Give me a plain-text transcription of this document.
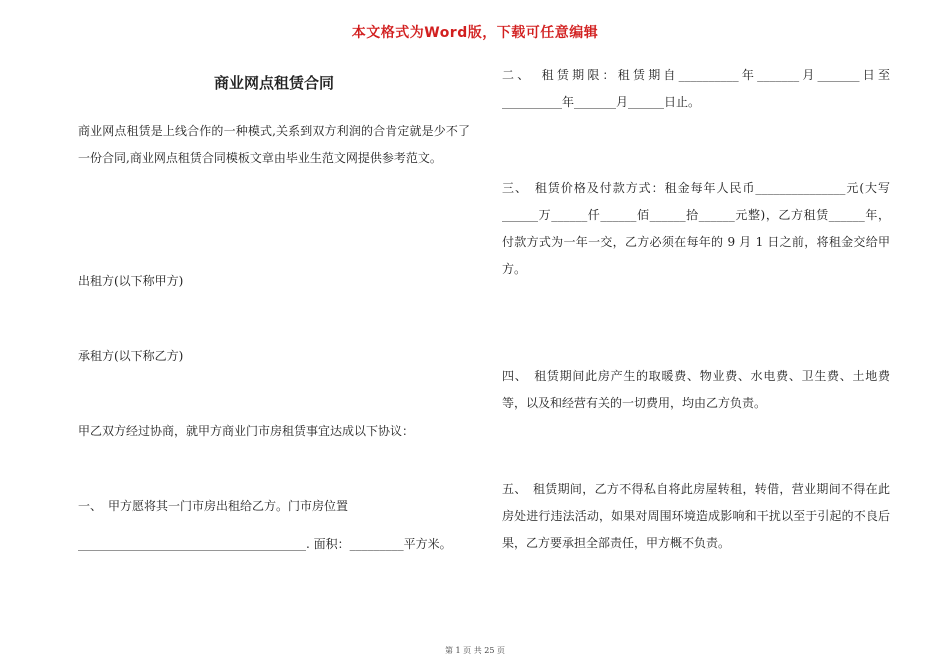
本文格式为Word版，下载可任意编辑
商业网点租赁合同
商业网点租赁是上线合作的一种模式,关系到双方利润的合肯定就是少不了一份合同,商业网点租赁合同模板文章由毕业生范文网提供参考范文。
出租方(以下称甲方)
承租方(以下称乙方)
甲乙双方经过协商，就甲方商业门市房租赁事宜达成以下协议：
一、　甲方愿将其一门市房出租给乙方。门市房位置
______________________________________. 面积：_________平方米。
二、　租赁期限：租赁期自__________年_______月_______日至__________年_______月______日止。
三、　租赁价格及付款方式：租金每年人民币_______________元(大写______万______仟______佰______拾______元整)，乙方租赁______年，付款方式为一年一交，乙方必须在每年的 9 月 1 日之前，将租金交给甲方。
四、　租赁期间此房产生的取暖费、物业费、水电费、卫生费、土地费等，以及和经营有关的一切费用，均由乙方负责。
五、　租赁期间，乙方不得私自将此房屋转租，转借，营业期间不得在此房处进行违法活动，如果对周围环境造成影响和干扰以至于引起的不良后果，乙方要承担全部责任，甲方概不负责。
第 1 页 共 25 页
